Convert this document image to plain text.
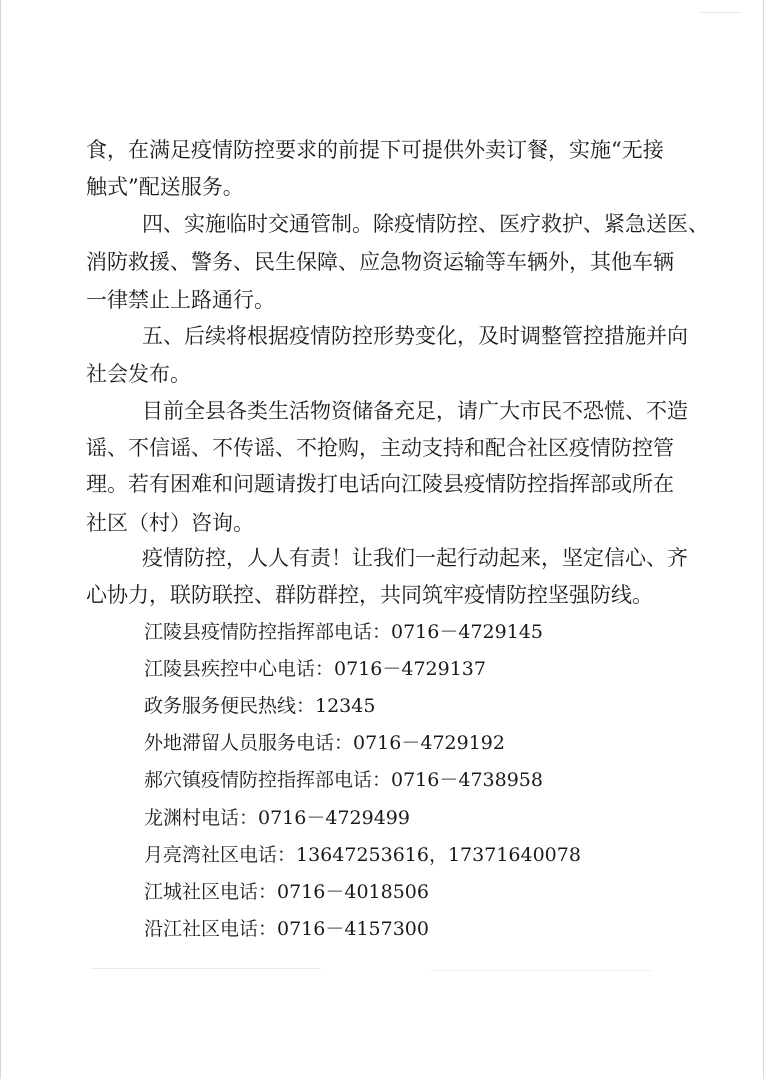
食，在满足疫情防控要求的前提下可提供外卖订餐，实施“无接

触式”配送服务。

四、实施临时交通管制。除疫情防控、医疗救护、紧急送医、

消防救援、警务、民生保障、应急物资运输等车辆外，其他车辆

一律禁止上路通行。

五、后续将根据疫情防控形势变化，及时调整管控措施并向

社会发布。

目前全县各类生活物资储备充足，请广大市民不恐慌、不造

谣、不信谣、不传谣、不抢购，主动支持和配合社区疫情防控管

理。若有困难和问题请拨打电话向江陵县疫情防控指挥部或所在

社区（村）咨询。

疫情防控，人人有责！让我们一起行动起来，坚定信心、齐

心协力，联防联控、群防群控，共同筑牢疫情防控坚强防线。

江陵县疫情防控指挥部电话：0716－4729145

江陵县疾控中心电话：0716－4729137

政务服务便民热线：12345

外地滞留人员服务电话：0716－4729192

郝穴镇疫情防控指挥部电话：0716－4738958

龙渊村电话：0716－4729499

月亮湾社区电话：13647253616，17371640078

江城社区电话：0716－4018506

沿江社区电话：0716－4157300
